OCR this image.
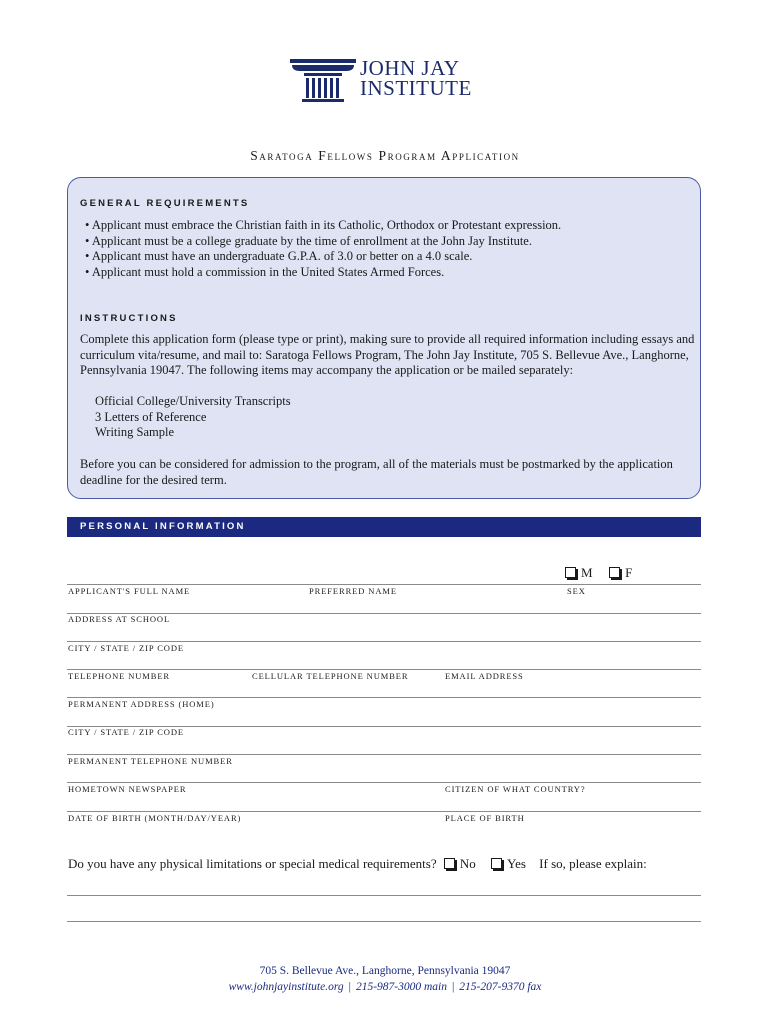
JOHN JAY
INSTITUTE
Saratoga Fellows Program Application
GENERAL REQUIREMENTS
• Applicant must embrace the Christian faith in its Catholic, Orthodox or Protestant expression.
• Applicant must be a college graduate by the time of enrollment at the John Jay Institute.
• Applicant must have an undergraduate G.P.A. of 3.0 or better on a 4.0 scale.
• Applicant must hold a commission in the United States Armed Forces.
INSTRUCTIONS

Complete this application form (please type or print), making sure to provide all required information including essays and curriculum vita/resume, and mail to: Saratoga Fellows Program, The John Jay Institute, 705 S. Bellevue Ave., Langhorne, Pennsylvania 19047. The following items may accompany the application or be mailed separately:

Official College/University Transcripts
3 Letters of Reference
Writing Sample

Before you can be considered for admission to the program, all of the materials must be postmarked by the application deadline for the desired term.

PERSONAL INFORMATION
M	F
APPLICANT'S FULL NAME	PREFERRED NAME	SEX
ADDRESS AT SCHOOL
CITY / STATE / ZIP CODE
TELEPHONE NUMBER	CELLULAR TELEPHONE NUMBER	EMAIL ADDRESS
PERMANENT ADDRESS (HOME)
CITY / STATE / ZIP CODE
PERMANENT TELEPHONE NUMBER
HOMETOWN NEWSPAPER	CITIZEN OF WHAT COUNTRY?
DATE OF BIRTH (MONTH/DAY/YEAR)	PLACE OF BIRTH
Do you have any physical limitations or special medical requirements? No Yes If so, please explain:
705 S. Bellevue Ave., Langhorne, Pennsylvania 19047
www.johnjayinstitute.org | 215-987-3000 main | 215-207-9370 fax
